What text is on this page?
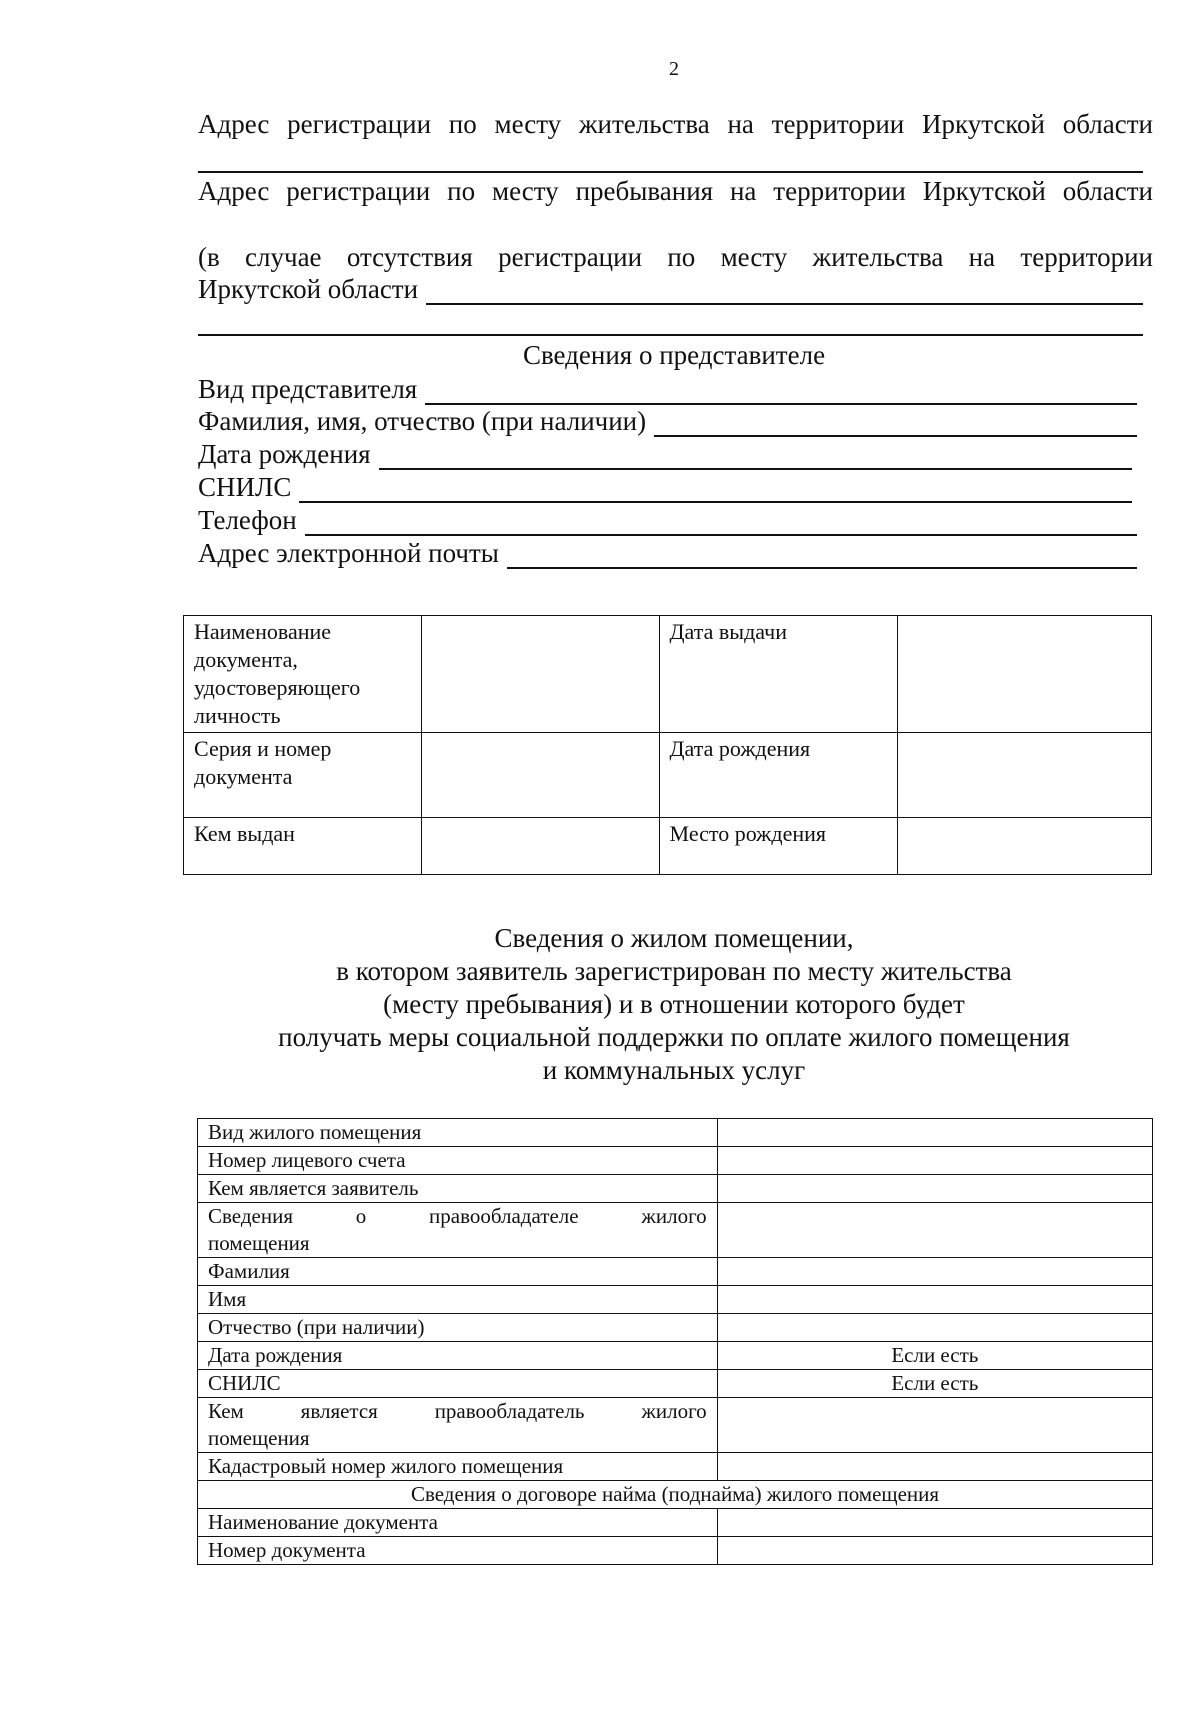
2
Адрес регистрации по месту жительства на территории Иркутской области
Адрес регистрации по месту пребывания на территории Иркутской области
(в случае отсутствия регистрации по месту жительства на территории
Иркутской области
Сведения о представителе
Вид представителя
Фамилия, имя, отчество (при наличии)
Дата рождения
СНИЛС
Телефон
Адрес электронной почты
Наименование документа, удостоверяющего личность		Дата выдачи	
Серия и номер документа		Дата рождения	
Кем выдан		Место рождения	
Сведения о жилом помещении,
в котором заявитель зарегистрирован по месту жительства
(месту пребывания) и в отношении которого будет
получать меры социальной поддержки по оплате жилого помещения
и коммунальных услуг
Вид жилого помещения	
Номер лицевого счета	
Кем является заявитель	

Сведения о правообладателе жилого
помещения	

Фамилия	
Имя	
Отчество (при наличии)	
Дата рождения	Если есть
СНИЛС	Если есть

Кем является правообладатель жилого
помещения	

Кадастровый номер жилого помещения	
Сведения о договоре найма (поднайма) жилого помещения	
Наименование документа	
Номер документа	
